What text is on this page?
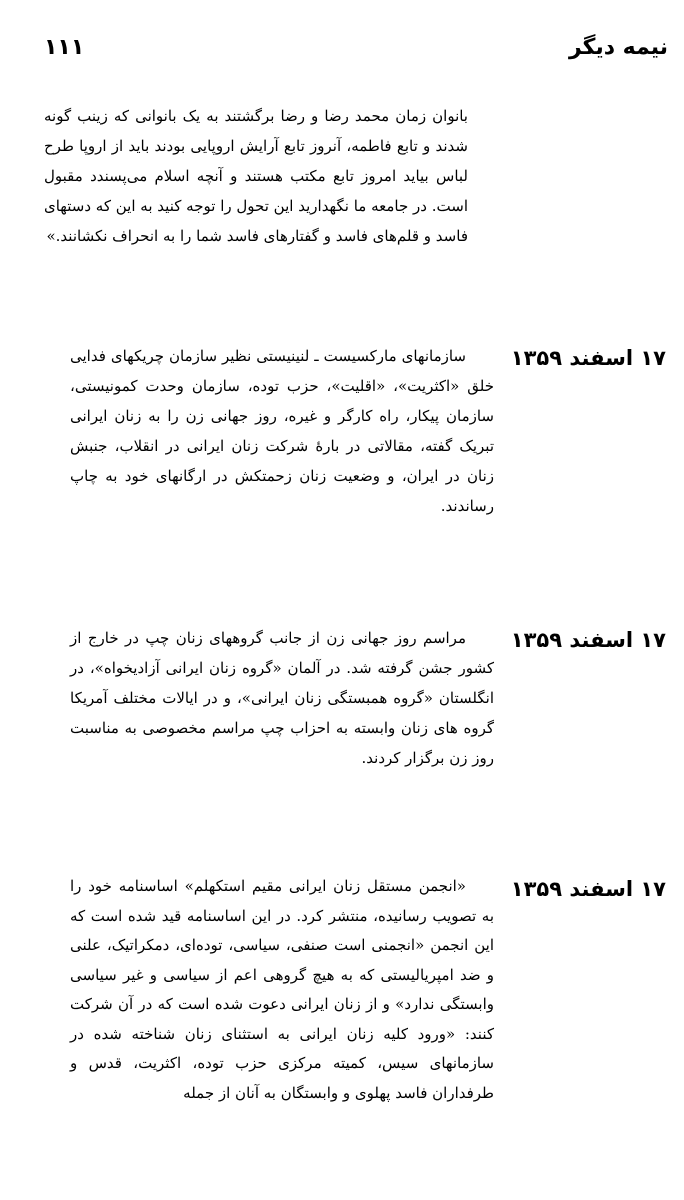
نیمه دیگر
۱۱۱

بانوان زمان محمد رضا و رضا برگشتند به یک بانوانی که زینب گونه شدند و تابع فاطمه، آنروز تابع آرایش اروپایی بودند باید از اروپا طرح لباس بیاید امروز تابع مکتب هستند و آنچه اسلام می‌پسندد مقبول است. در جامعه ما نگهدارید این تحول را توجه کنید به این که دستهای فاسد و قلم‌های فاسد و گفتارهای فاسد شما را به انحراف نکشانند.»

۱۷ اسفند ۱۳۵۹

سازمانهای مارکسیست ـ لنینیستی نظیر سازمان چریکهای فدایی خلق «اکثریت»، «اقلیت»، حزب توده، سازمان وحدت کمونیستی، سازمان پیکار، راه کارگر و غیره، روز جهانی زن را به زنان ایرانی تبریک گفته، مقالاتی در بارهٔ شرکت زنان ایرانی در انقلاب، جنبش زنان در ایران، و وضعیت زنان زحمتکش در ارگانهای خود به چاپ رساندند.

۱۷ اسفند ۱۳۵۹

مراسم روز جهانی زن از جانب گروههای زنان چپ در خارج از کشور جشن گرفته شد. در آلمان «گروه زنان ایرانی آزادیخواه»، در انگلستان «گروه همبستگی زنان ایرانی»، و در ایالات مختلف آمریکا گروه های زنان وابسته به احزاب چپ مراسم مخصوصی به مناسبت روز زن برگزار کردند.

۱۷ اسفند ۱۳۵۹

«انجمن مستقل زنان ایرانی مقیم استکهلم» اساسنامه خود را به تصویب رسانیده، منتشر کرد. در این اساسنامه قید شده است که این انجمن «انجمنی است صنفی، سیاسی، توده‌ای، دمکراتیک، علنی و ضد امپریالیستی که به هیچ گروهی اعم از سیاسی و غیر سیاسی وابستگی ندارد» و از زنان ایرانی دعوت شده است که در آن شرکت کنند: «ورود کلیه زنان ایرانی به استثنای زنان شناخته شده در سازمانهای سیس، کمیته مرکزی حزب توده، اکثریت، قدس و طرفداران فاسد پهلوی و وابستگان به آنان از جمله
